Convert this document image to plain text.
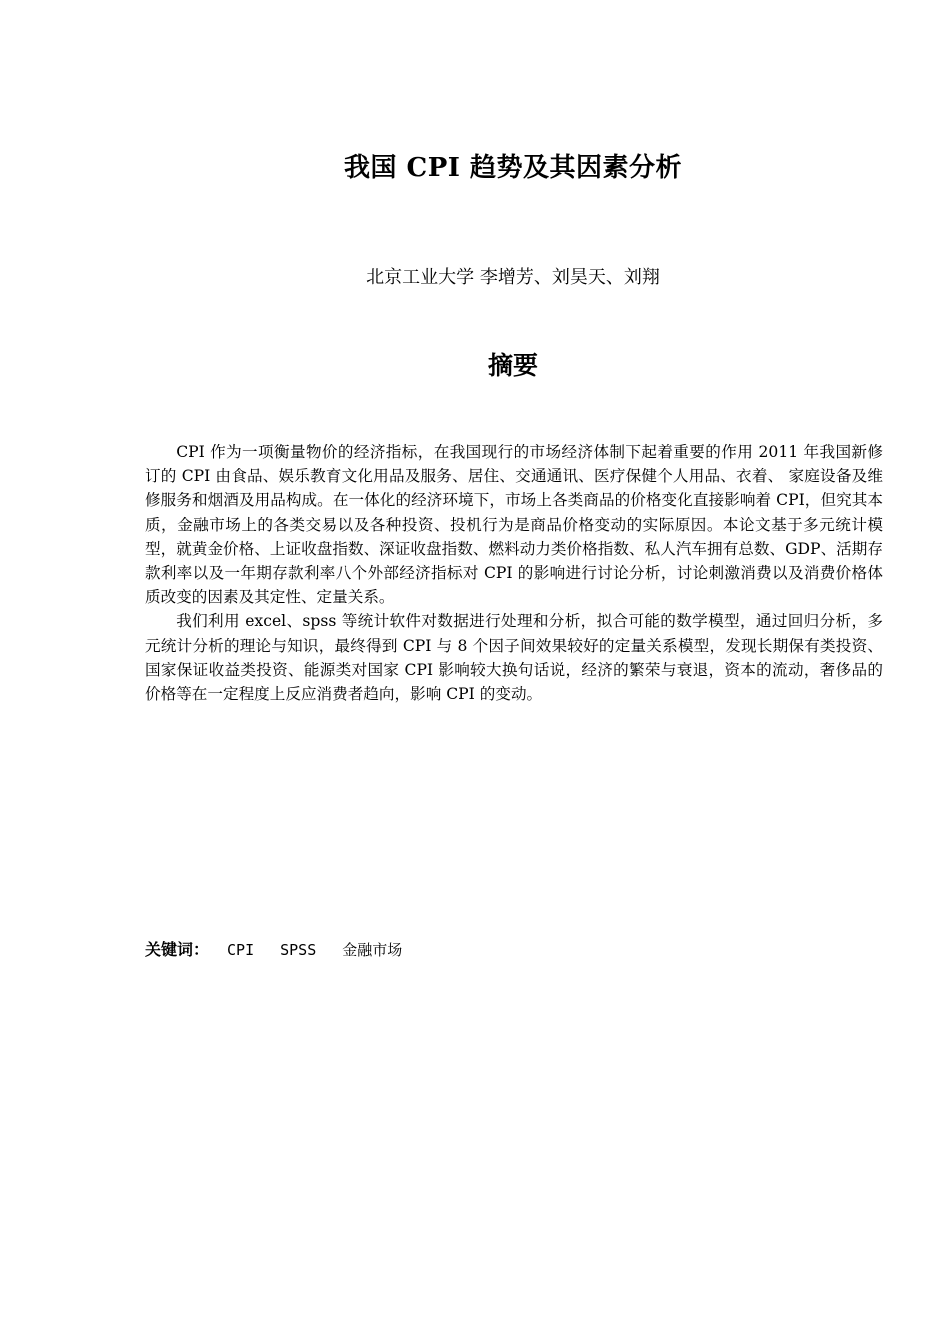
我国 CPI 趋势及其因素分析
北京工业大学 李增芳、刘昊天、刘翔
摘要

CPI 作为一项衡量物价的经济指标，在我国现行的市场经济体制下起着重要的作用 2011 年我国新修订的 CPI 由食品、娱乐教育文化用品及服务、居住、交通通讯、医疗保健个人用品、衣着、 家庭设备及维修服务和烟酒及用品构成。在一体化的经济环境下，市场上各类商品的价格变化直接影响着 CPI，但究其本质，金融市场上的各类交易以及各种投资、投机行为是商品价格变动的实际原因。本论文基于多元统计模型，就黄金价格、上证收盘指数、深证收盘指数、燃料动力类价格指数、私人汽车拥有总数、GDP、活期存款利率以及一年期存款利率八个外部经济指标对 CPI 的影响进行讨论分析，讨论刺激消费以及消费价格体质改变的因素及其定性、定量关系。

我们利用 excel、spss 等统计软件对数据进行处理和分析，拟合可能的数学模型，通过回归分析，多元统计分析的理论与知识，最终得到 CPI 与 8 个因子间效果较好的定量关系模型，发现长期保有类投资、国家保证收益类投资、能源类对国家 CPI 影响较大换句话说，经济的繁荣与衰退，资本的流动，奢侈品的价格等在一定程度上反应消费者趋向，影响 CPI 的变动。

关键词： CPI SPSS 金融市场
